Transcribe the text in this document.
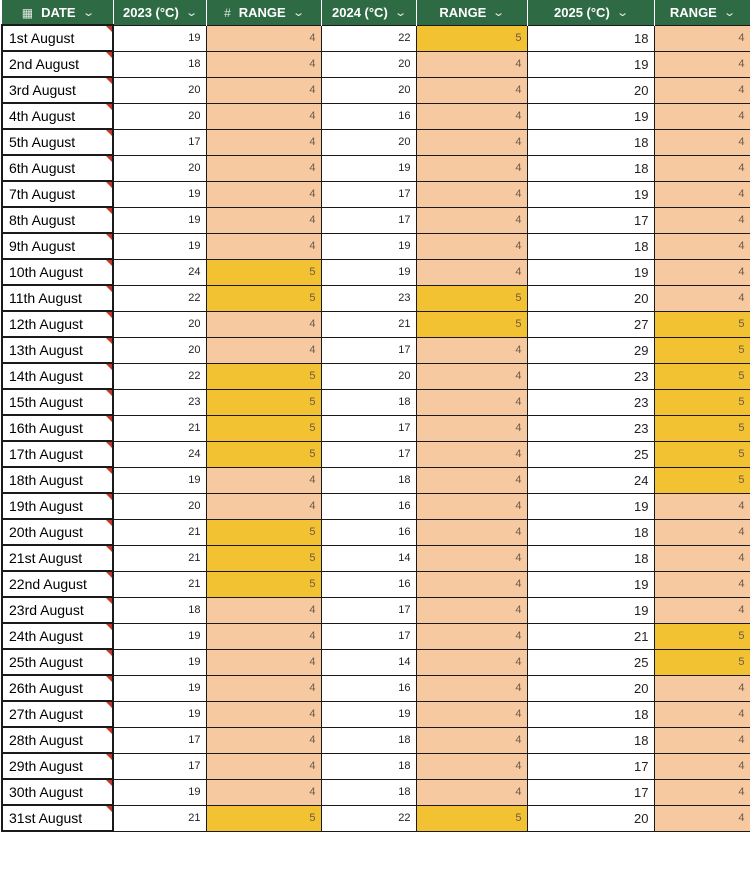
▦ DATE ⌄	2023 (°C) ⌄	# RANGE ⌄	2024 (°C) ⌄	RANGE ⌄	2025 (°C) ⌄	RANGE ⌄
1st August	19	4	22	5	18	4
2nd August	18	4	20	4	19	4
3rd August	20	4	20	4	20	4
4th August	20	4	16	4	19	4
5th August	17	4	20	4	18	4
6th August	20	4	19	4	18	4
7th August	19	4	17	4	19	4
8th August	19	4	17	4	17	4
9th August	19	4	19	4	18	4
10th August	24	5	19	4	19	4
11th August	22	5	23	5	20	4
12th August	20	4	21	5	27	5
13th August	20	4	17	4	29	5
14th August	22	5	20	4	23	5
15th August	23	5	18	4	23	5
16th August	21	5	17	4	23	5
17th August	24	5	17	4	25	5
18th August	19	4	18	4	24	5
19th August	20	4	16	4	19	4
20th August	21	5	16	4	18	4
21st August	21	5	14	4	18	4
22nd August	21	5	16	4	19	4
23rd August	18	4	17	4	19	4
24th August	19	4	17	4	21	5
25th August	19	4	14	4	25	5
26th August	19	4	16	4	20	4
27th August	19	4	19	4	18	4
28th August	17	4	18	4	18	4
29th August	17	4	18	4	17	4
30th August	19	4	18	4	17	4
31st August	21	5	22	5	20	4
